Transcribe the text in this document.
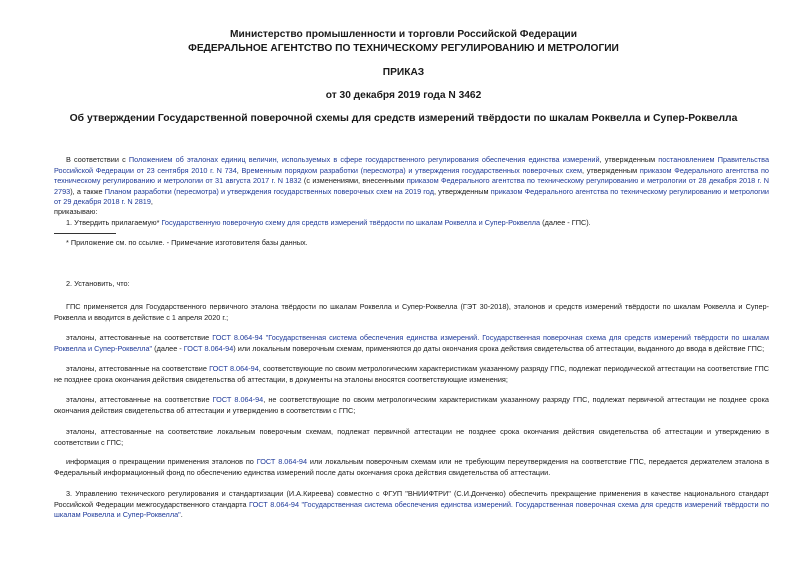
Министерство промышленности и торговли Российской Федерации
ФЕДЕРАЛЬНОЕ АГЕНТСТВО ПО ТЕХНИЧЕСКОМУ РЕГУЛИРОВАНИЮ И МЕТРОЛОГИИ
ПРИКАЗ
от 30 декабря 2019 года N 3462
Об утверждении Государственной поверочной схемы для средств измерений твёрдости по шкалам Роквелла и Супер-Роквелла

В соответствии с Положением об эталонах единиц величин, используемых в сфере государственного регулирования обеспечения единства измерений, утвержденным постановлением Правительства Российской Федерации от 23 сентября 2010 г. N 734, Временным порядком разработки (пересмотра) и утверждения государственных поверочных схем, утвержденным приказом Федерального агентства по техническому регулированию и метрологии от 31 августа 2017 г. N 1832 (с изменениями, внесенными приказом Федерального агентства по техническому регулированию и метрологии от 28 декабря 2018 г. N 2793), а также Планом разработки (пересмотра) и утверждения государственных поверочных схем на 2019 год, утвержденным приказом Федерального агентства по техническому регулированию и метрологии от 29 декабря 2018 г. N 2819,

приказываю:

1. Утвердить прилагаемую* Государственную поверочную схему для средств измерений твёрдости по шкалам Роквелла и Супер-Роквелла (далее - ГПС).

* Приложение см. по ссылке. - Примечание изготовителя базы данных.

2. Установить, что:

ГПС применяется для Государственного первичного эталона твёрдости по шкалам Роквелла и Супер-Роквелла (ГЭТ 30-2018), эталонов и средств измерений твёрдости по шкалам Роквелла и Супер-Роквелла и вводится в действие с 1 апреля 2020 г.;

эталоны, аттестованные на соответствие ГОСТ 8.064-94 "Государственная система обеспечения единства измерений. Государственная поверочная схема для средств измерений твёрдости по шкалам Роквелла и Супер-Роквелла" (далее - ГОСТ 8.064-94) или локальным поверочным схемам, применяются до даты окончания срока действия свидетельства об аттестации, выданного до ввода в действие ГПС;

эталоны, аттестованные на соответствие ГОСТ 8.064-94, соответствующие по своим метрологическим характеристикам указанному разряду ГПС, подлежат периодической аттестации на соответствие ГПС не позднее срока окончания действия свидетельства об аттестации, в документы на эталоны вносятся соответствующие изменения;

эталоны, аттестованные на соответствие ГОСТ 8.064-94, не соответствующие по своим метрологическим характеристикам указанному разряду ГПС, подлежат первичной аттестации не позднее срока окончания действия свидетельства об аттестации и утверждению в соответствии с ГПС;

эталоны, аттестованные на соответствие локальным поверочным схемам, подлежат первичной аттестации не позднее срока окончания действия свидетельства об аттестации и утверждению в соответствии с ГПС;

информация о прекращении применения эталонов по ГОСТ 8.064-94 или локальным поверочным схемам или не требующим переутверждения на соответствие ГПС, передается держателем эталона в Федеральный информационный фонд по обеспечению единства измерений после даты окончания срока действия свидетельства об аттестации.

3. Управлению технического регулирования и стандартизации (И.А.Киреева) совместно с ФГУП "ВНИИФТРИ" (С.И.Донченко) обеспечить прекращение применения в качестве национального стандарт Российской Федерации межгосударственного стандарта ГОСТ 8.064-94 "Государственная система обеспечения единства измерений. Государственная поверочная схема для средств измерений твёрдости по шкалам Роквелла и Супер-Роквелла".
